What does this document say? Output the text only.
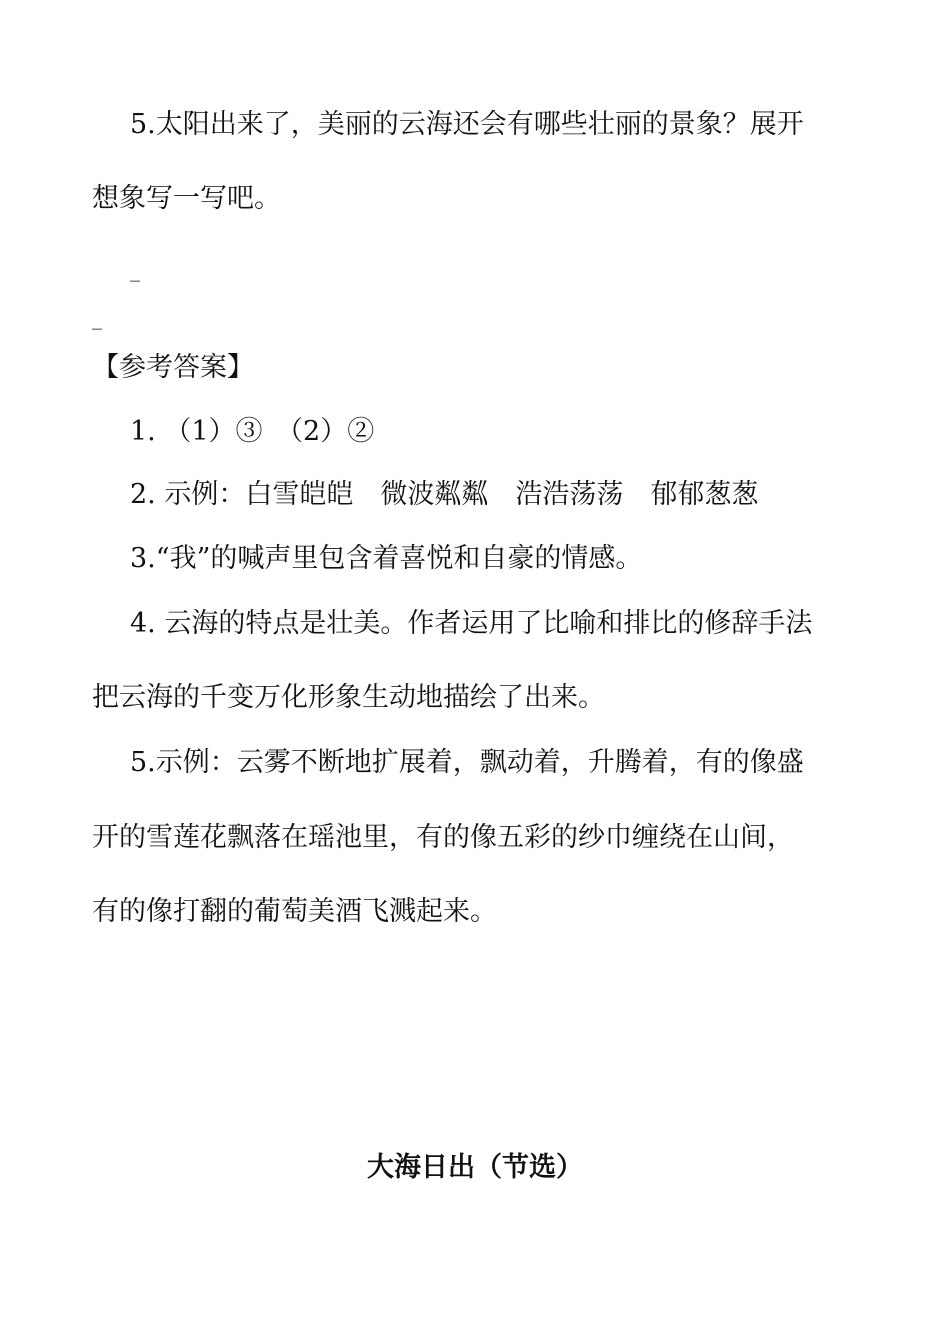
5.太阳出来了，美丽的云海还会有哪些壮丽的景象？展开
想象写一写吧。
_
_
【参考答案】
1. （1）③　（2）②
2. 示例：白雪皑皑　微波粼粼　浩浩荡荡　郁郁葱葱
3.“我”的喊声里包含着喜悦和自豪的情感。
4. 云海的特点是壮美。作者运用了比喻和排比的修辞手法
把云海的千变万化形象生动地描绘了出来。
5.示例：云雾不断地扩展着，飘动着，升腾着，有的像盛
开的雪莲花飘落在瑶池里，有的像五彩的纱巾缠绕在山间，
有的像打翻的葡萄美酒飞溅起来。
大海日出（节选）
